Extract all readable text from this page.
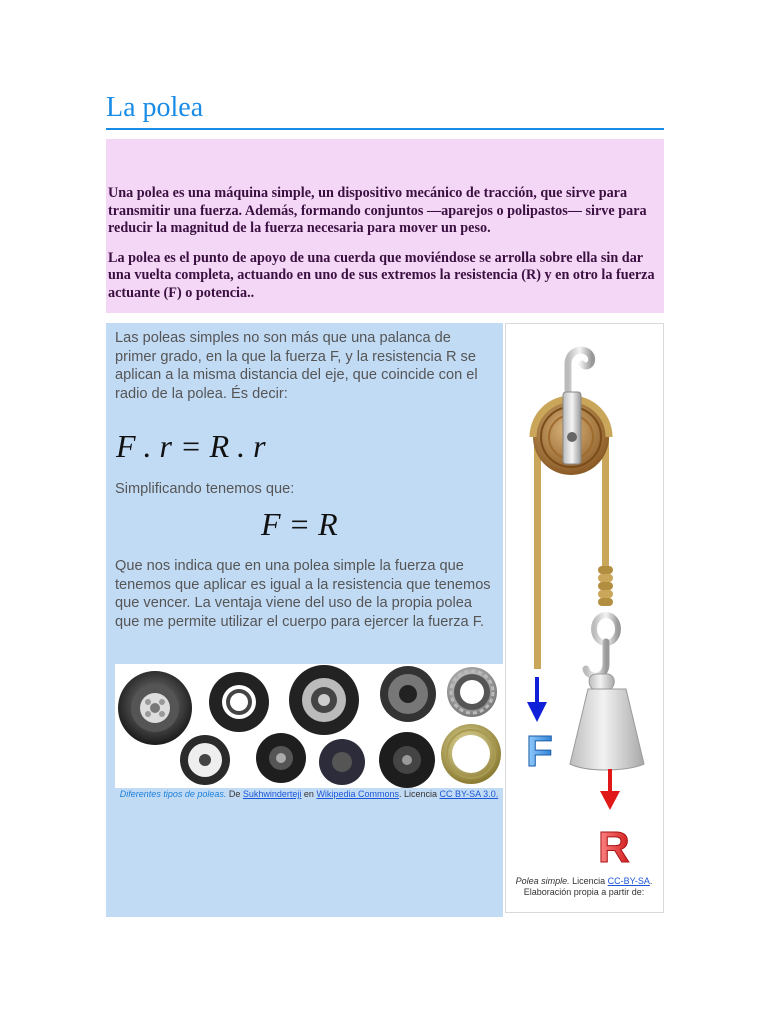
La polea

Una polea es una máquina simple, un dispositivo mecánico de tracción, que sirve para transmitir una fuerza. Además, formando conjuntos —aparejos o polipastos— sirve para reducir la magnitud de la fuerza necesaria para mover un peso.

La polea es el punto de apoyo de una cuerda que moviéndose se arrolla sobre ella sin dar una vuelta completa, actuando en uno de sus extremos la resistencia (R) y en otro la fuerza actuante (F) o potencia..

Las poleas simples no son más que una palanca de primer grado, en la que la fuerza F, y la resistencia R se aplican a la misma distancia del eje, que coincide con el radio de la polea. És decir:
F . r = R . r
Simplificando tenemos que:
F = R
Que nos indica que en una polea simple la fuerza que tenemos que aplicar es igual a la resistencia que tenemos que vencer. La ventaja viene del uso de la propia polea que me permite utilizar el cuerpo para ejercer la fuerza F.
Diferentes tipos de poleas. De Sukhwinderteji en Wikipedia Commons. Licencia CC BY-SA 3.0.
F
R
Polea simple. Licencia CC-BY-SA. Elaboración propia a partir de:
